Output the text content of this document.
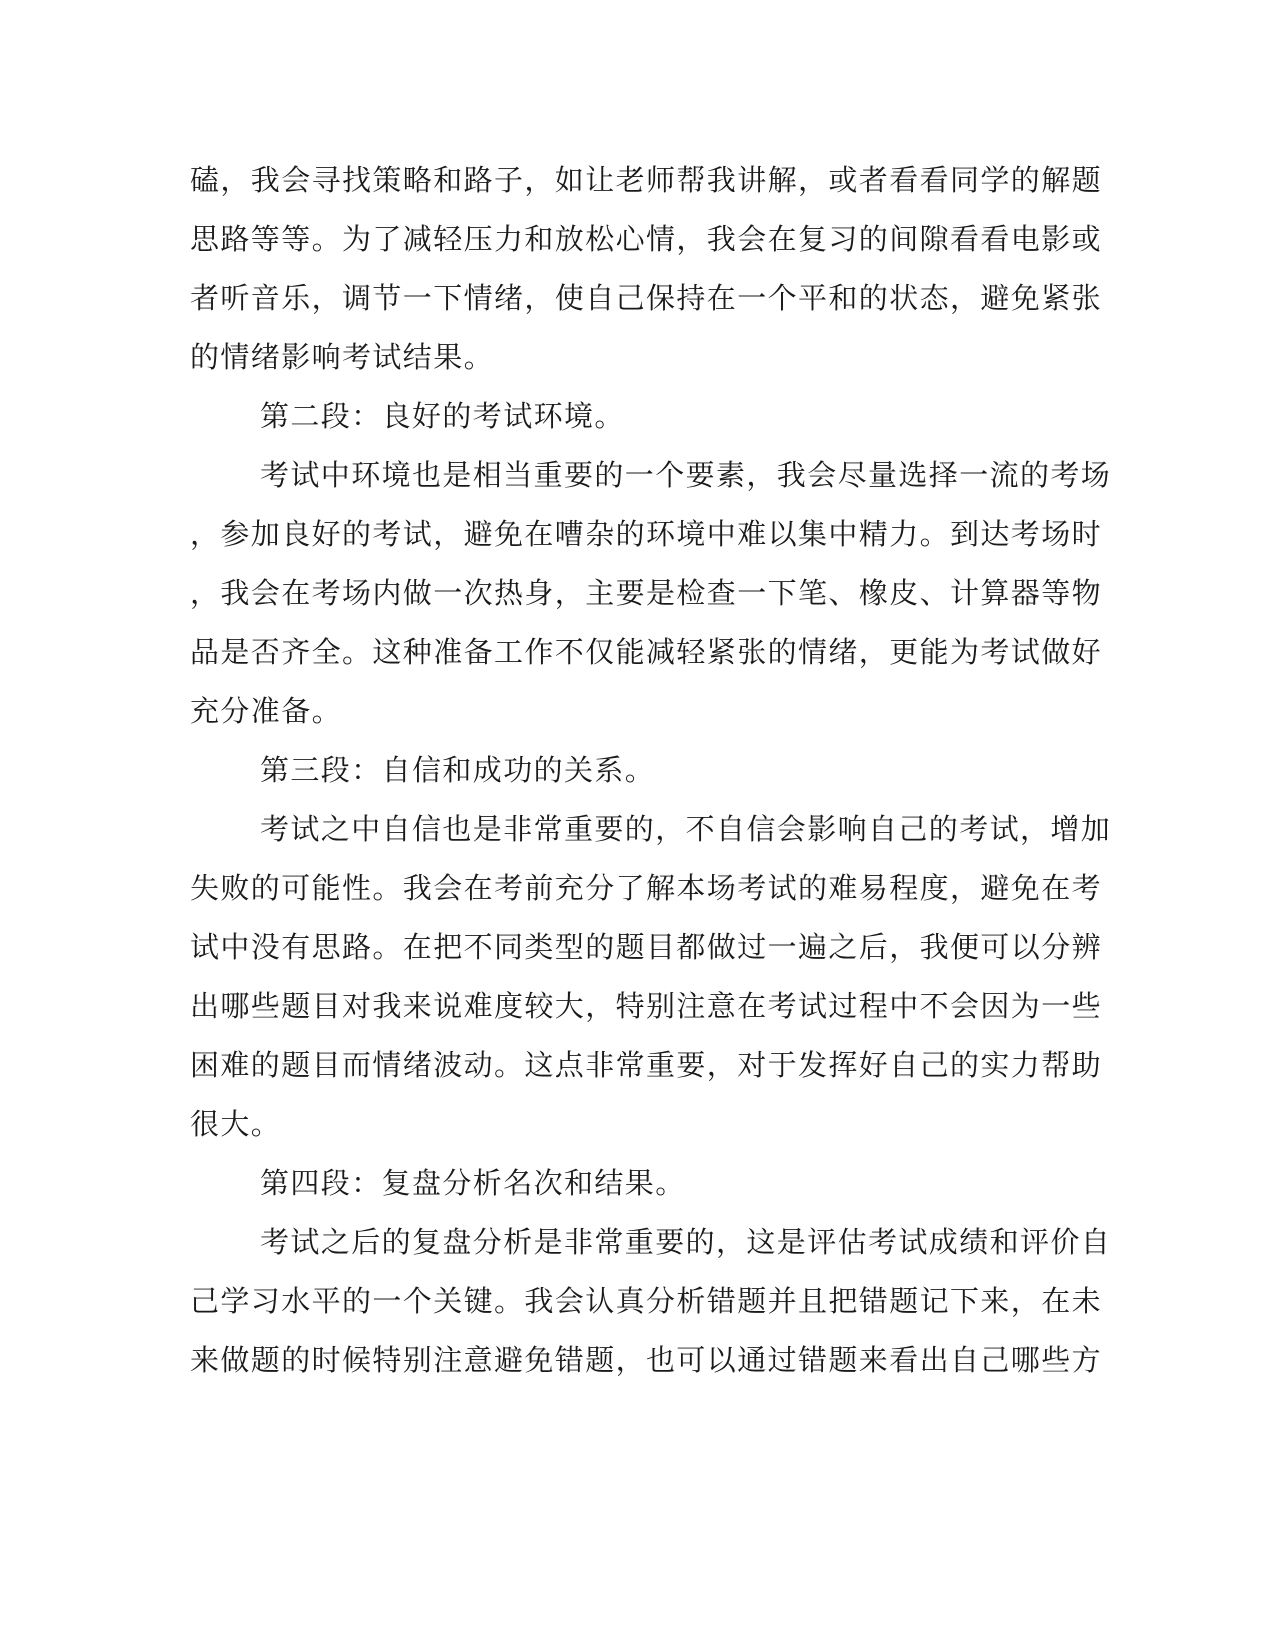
磕，我会寻找策略和路子，如让老师帮我讲解，或者看看同学的解题
思路等等。为了减轻压力和放松心情，我会在复习的间隙看看电影或
者听音乐，调节一下情绪，使自己保持在一个平和的状态，避免紧张
的情绪影响考试结果。
第二段：良好的考试环境。
考试中环境也是相当重要的一个要素，我会尽量选择一流的考场
，参加良好的考试，避免在嘈杂的环境中难以集中精力。到达考场时
，我会在考场内做一次热身，主要是检查一下笔、橡皮、计算器等物
品是否齐全。这种准备工作不仅能减轻紧张的情绪，更能为考试做好
充分准备。
第三段：自信和成功的关系。
考试之中自信也是非常重要的，不自信会影响自己的考试，增加
失败的可能性。我会在考前充分了解本场考试的难易程度，避免在考
试中没有思路。在把不同类型的题目都做过一遍之后，我便可以分辨
出哪些题目对我来说难度较大，特别注意在考试过程中不会因为一些
困难的题目而情绪波动。这点非常重要，对于发挥好自己的实力帮助
很大。
第四段：复盘分析名次和结果。
考试之后的复盘分析是非常重要的，这是评估考试成绩和评价自
己学习水平的一个关键。我会认真分析错题并且把错题记下来，在未
来做题的时候特别注意避免错题，也可以通过错题来看出自己哪些方
